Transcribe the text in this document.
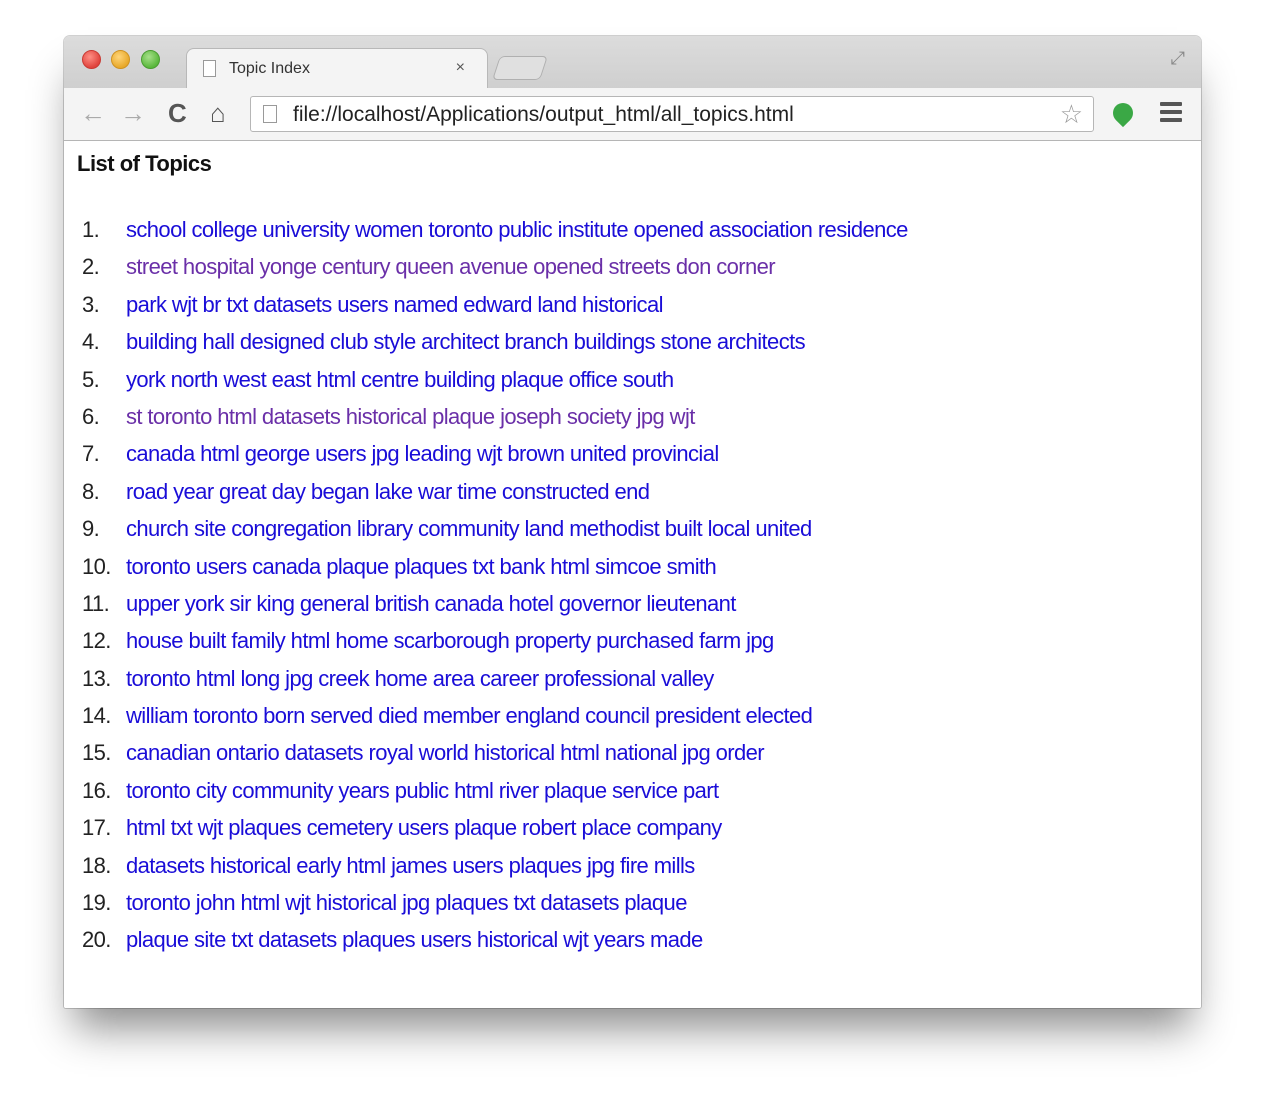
Topic Index	×	⤢
← → C ⌂	file://localhost/Applications/output_html/all_topics.html	☆
List of Topics
1.	school college university women toronto public institute opened association residence
2.	street hospital yonge century queen avenue opened streets don corner
3.	park wjt br txt datasets users named edward land historical
4.	building hall designed club style architect branch buildings stone architects
5.	york north west east html centre building plaque office south
6.	st toronto html datasets historical plaque joseph society jpg wjt
7.	canada html george users jpg leading wjt brown united provincial
8.	road year great day began lake war time constructed end
9.	church site congregation library community land methodist built local united
10. toronto users canada plaque plaques txt bank html simcoe smith
11. upper york sir king general british canada hotel governor lieutenant
12. house built family html home scarborough property purchased farm jpg
13. toronto html long jpg creek home area career professional valley
14. william toronto born served died member england council president elected
15. canadian ontario datasets royal world historical html national jpg order
16. toronto city community years public html river plaque service part
17. html txt wjt plaques cemetery users plaque robert place company
18. datasets historical early html james users plaques jpg fire mills
19. toronto john html wjt historical jpg plaques txt datasets plaque
20. plaque site txt datasets plaques users historical wjt years made
